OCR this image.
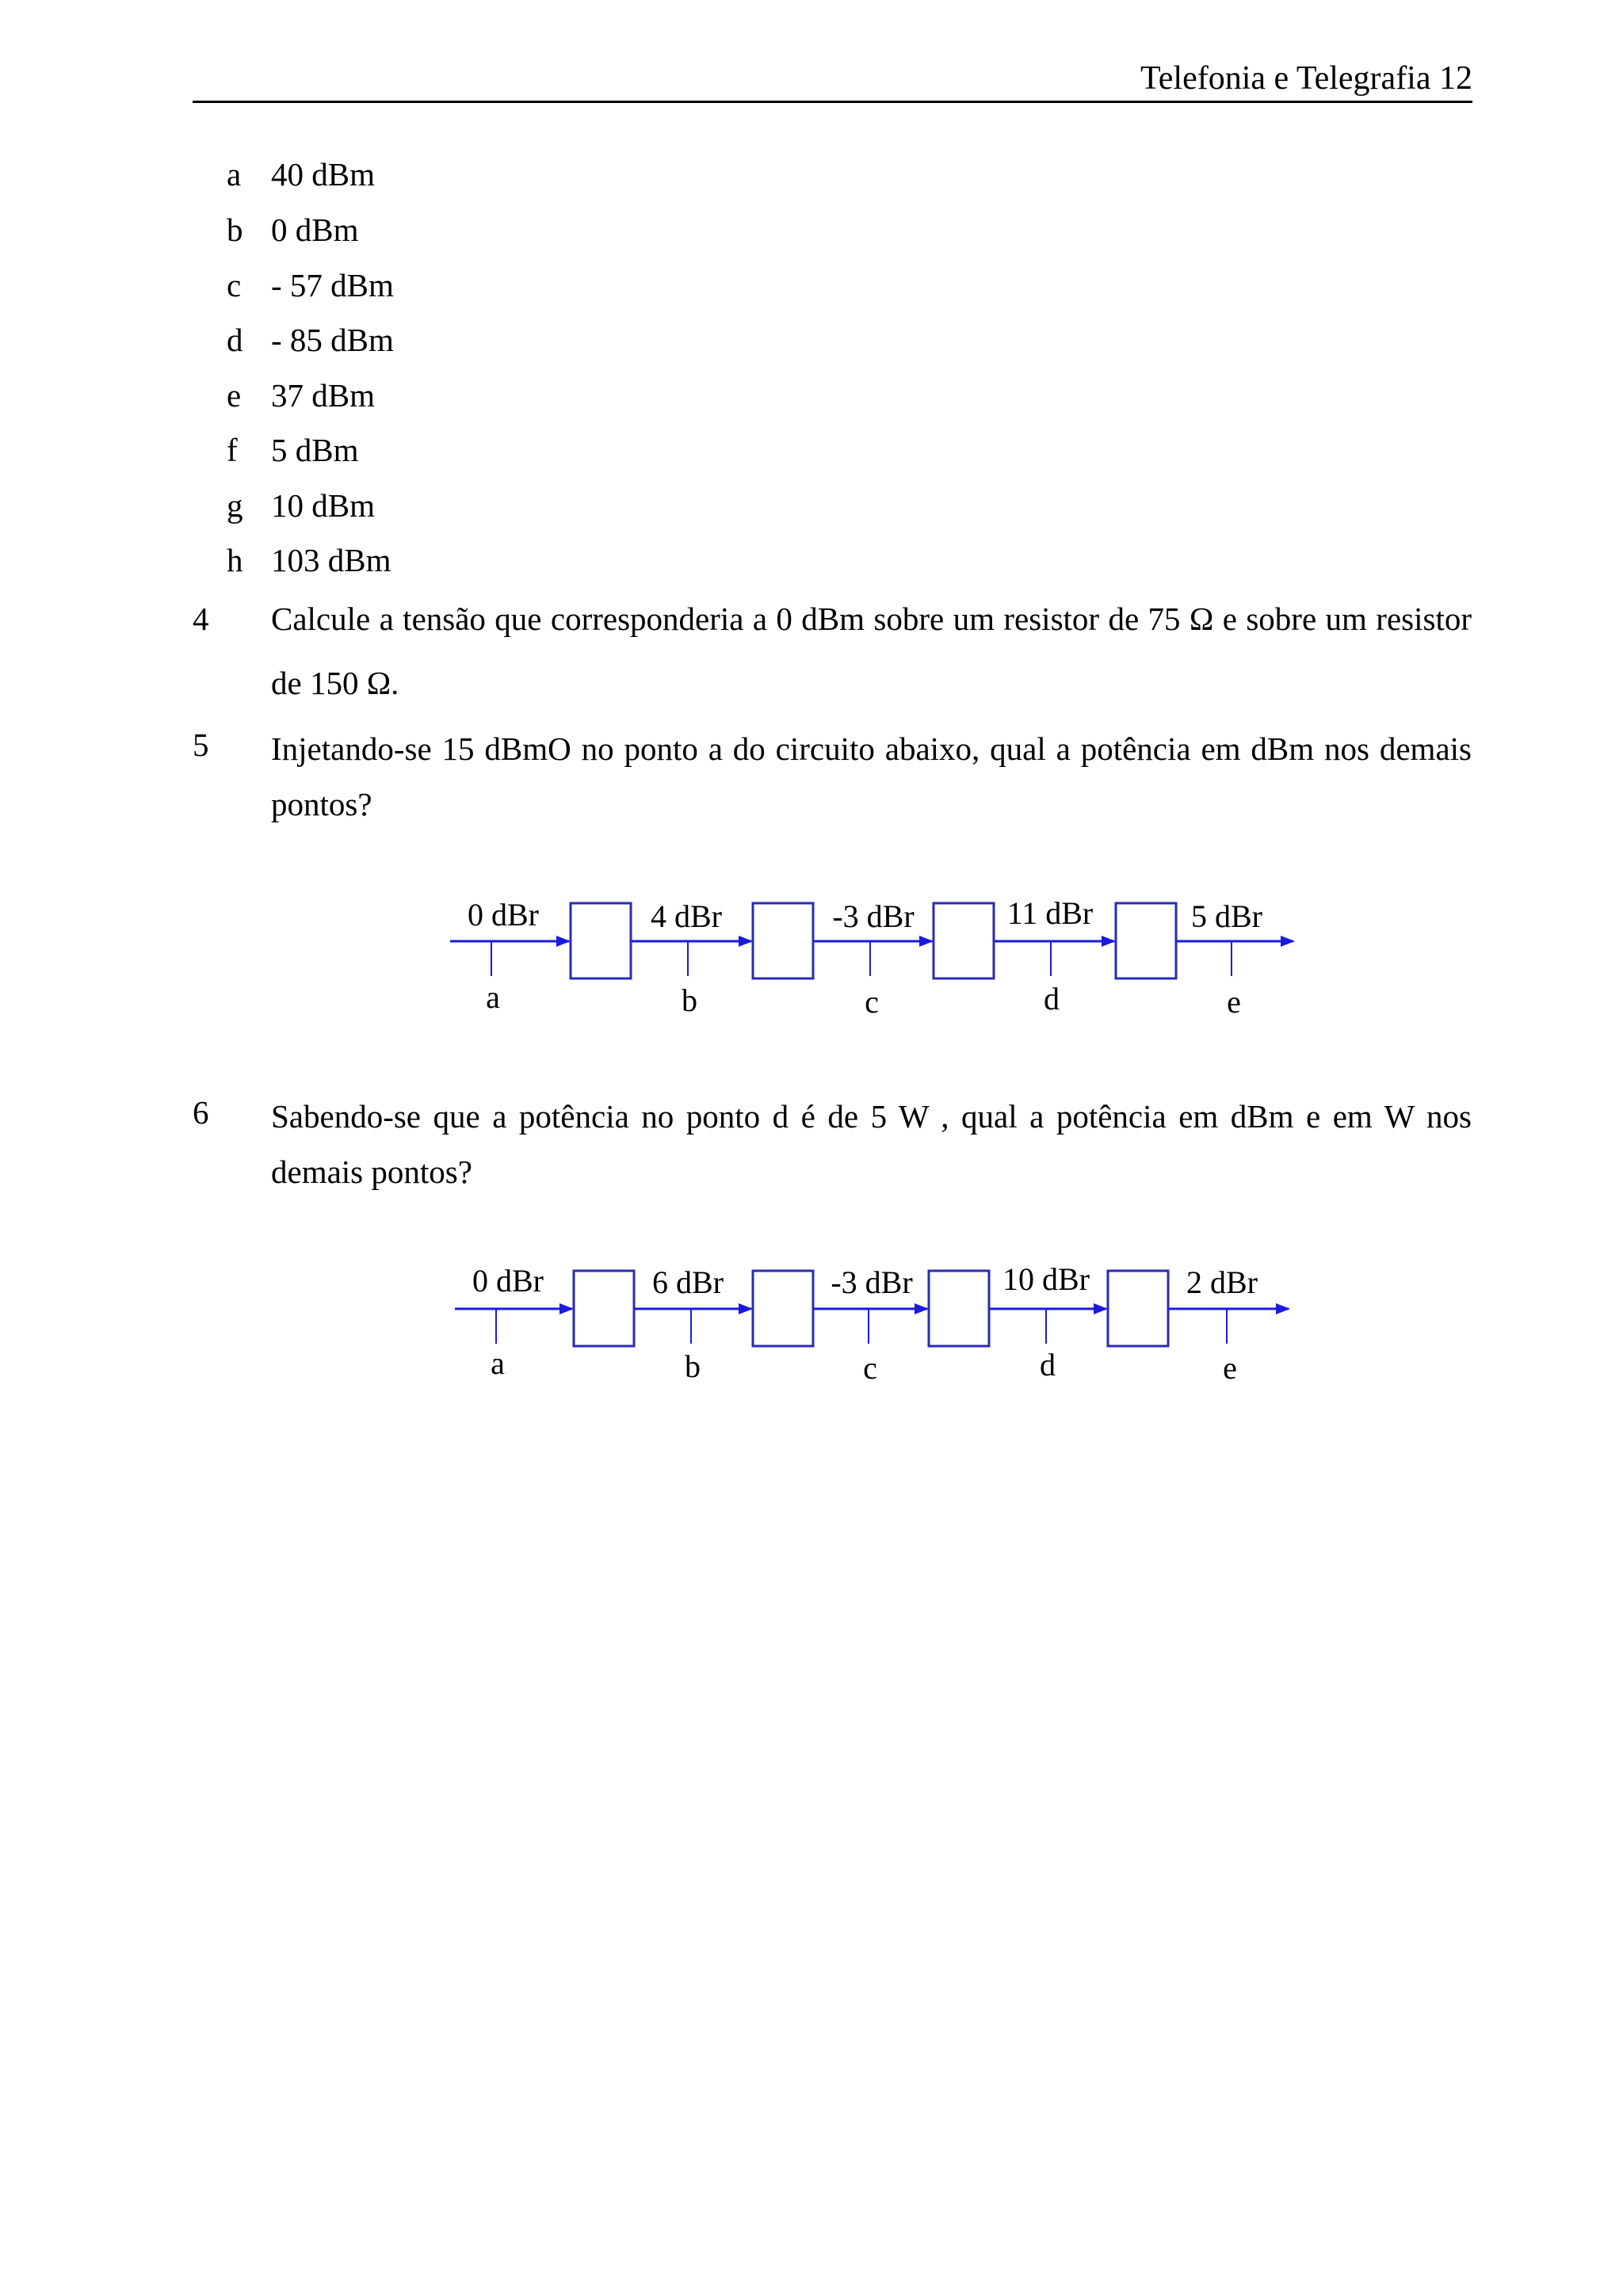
Telefonia e Telegrafia 12
a 40 dBm
b 0 dBm
c - 57 dBm
d - 85 dBm
e 37 dBm
f 5 dBm
g 10 dBm
h 103 dBm
4 Calcule a tensão que corresponderia a 0 dBm sobre um resistor de 75 Ω e sobre um resistor de 150 Ω.

5 Injetando-se 15 dBmO no ponto a do circuito abaixo, qual a potência em dBm nos demais pontos?

0 dBr	4 dBr	-3 dBr	11 dBr	5 dBr
a	b	c	d	e
6 Sabendo-se que a potência no ponto d é de 5 W , qual a potência em dBm e em W nos demais pontos?

0 dBr	6 dBr	-3 dBr	10 dBr	2 dBr
a	b	c	d	e
